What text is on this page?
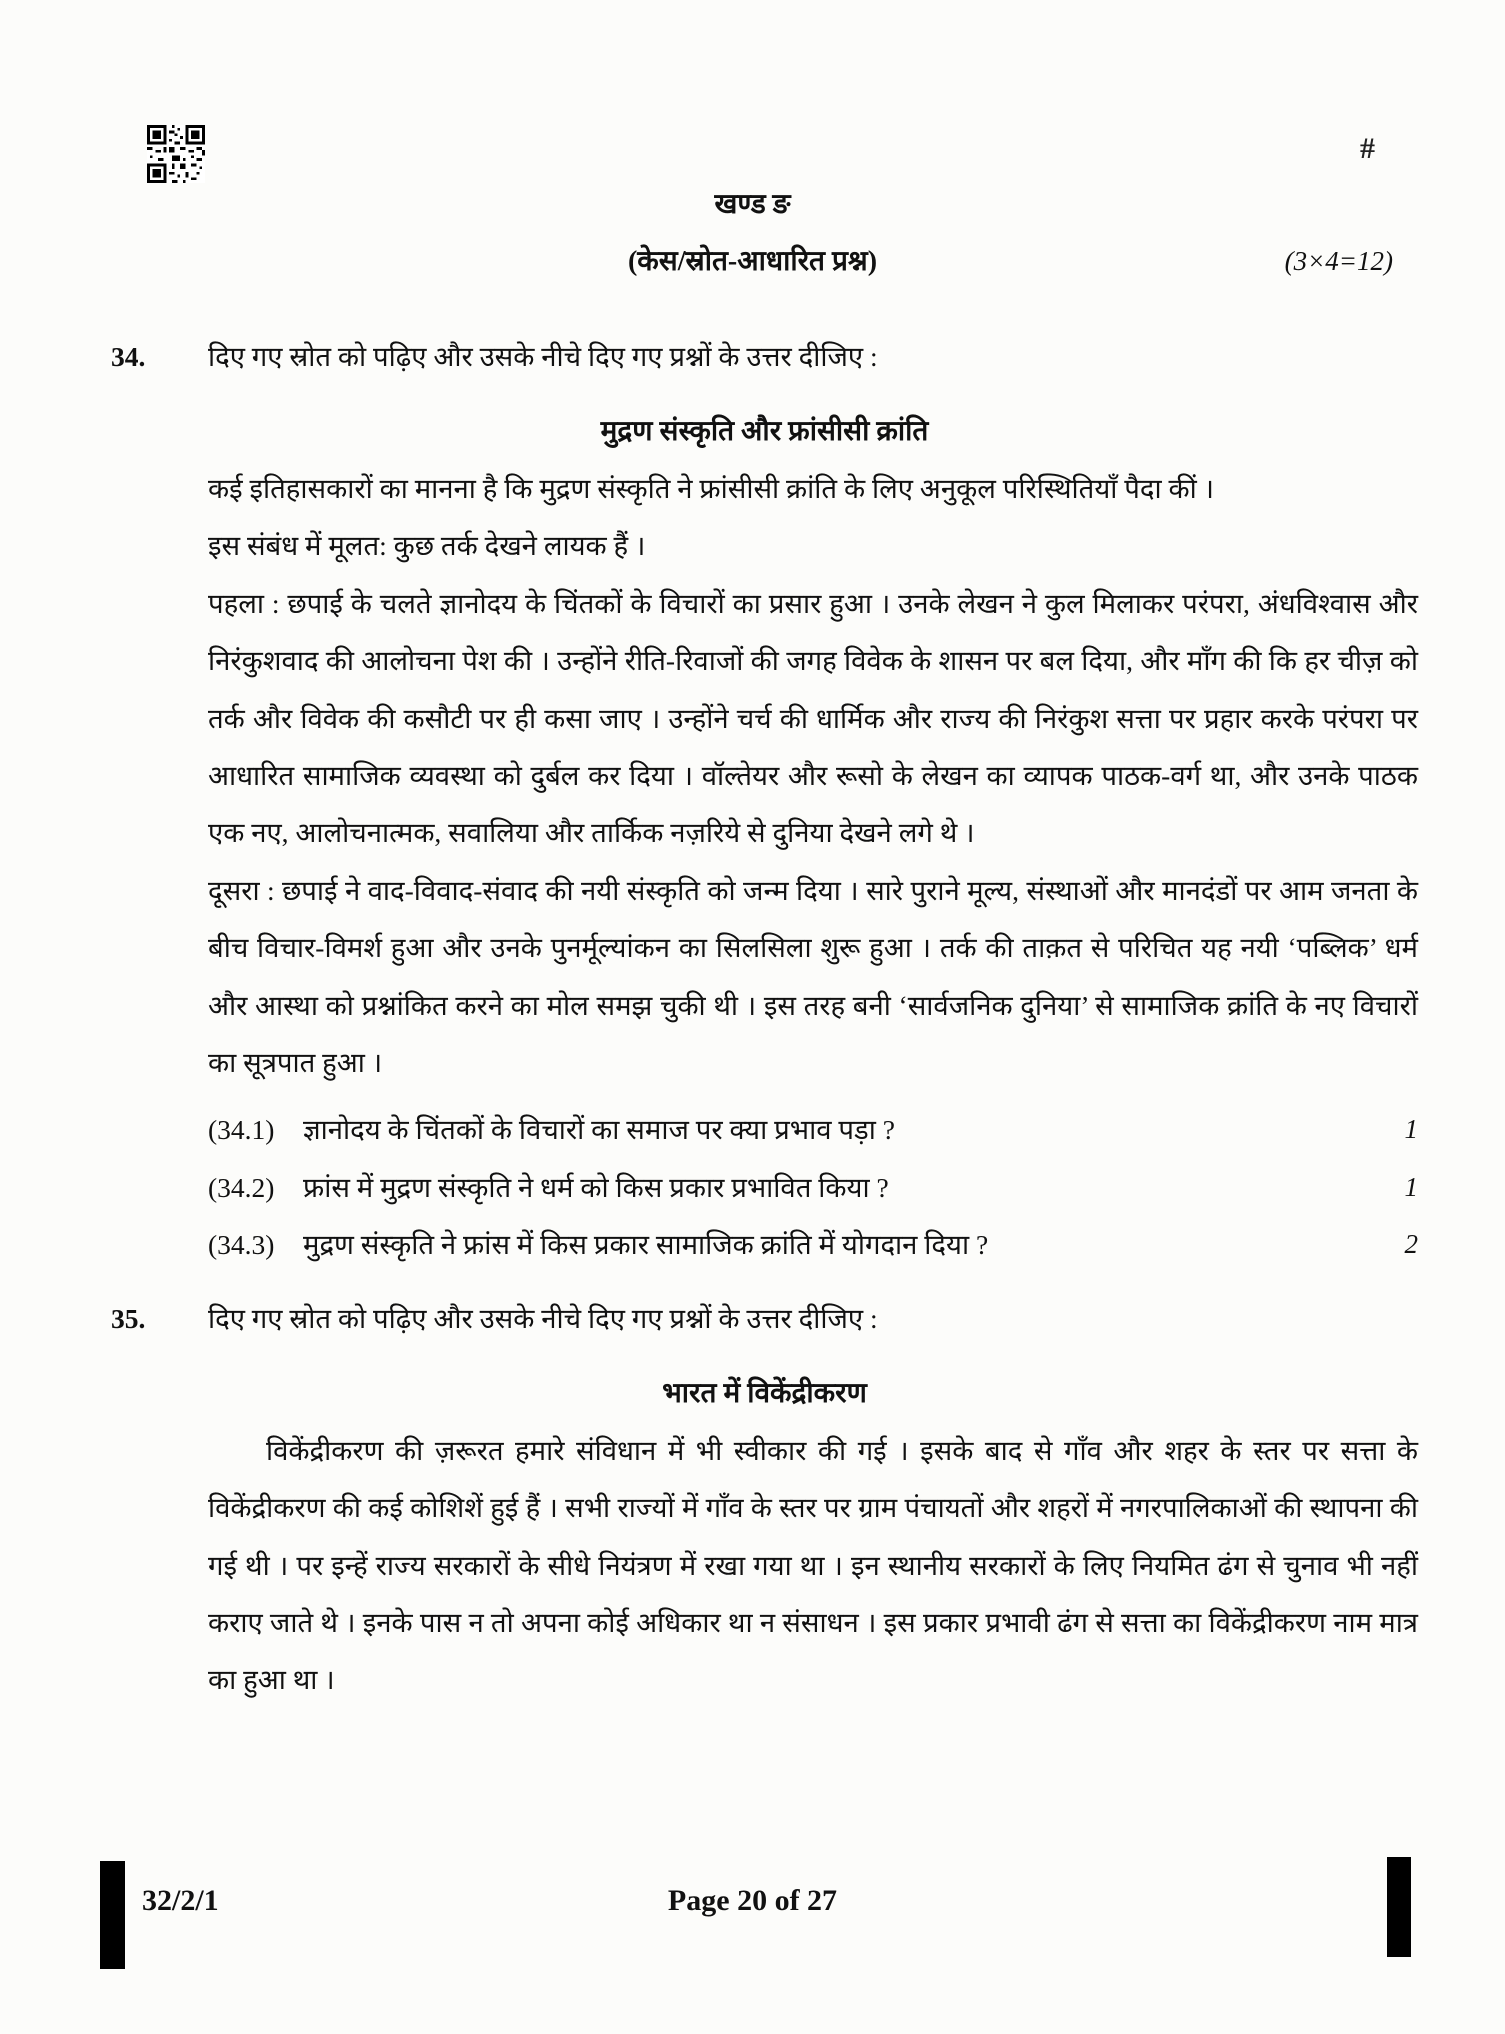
#
खण्ड ङ
(केस/स्रोत-आधारित प्रश्न)	(3×4=12)
34.	दिए गए स्रोत को पढ़िए और उसके नीचे दिए गए प्रश्नों के उत्तर दीजिए :
मुद्रण संस्कृति और फ्रांसीसी क्रांति

कई इतिहासकारों का मानना है कि मुद्रण संस्कृति ने फ्रांसीसी क्रांति के लिए अनुकूल परिस्थितियाँ पैदा कीं ।

इस संबंध में मूलत: कुछ तर्क देखने लायक हैं ।

पहला : छपाई के चलते ज्ञानोदय के चिंतकों के विचारों का प्रसार हुआ । उनके लेखन ने कुल मिलाकर परंपरा, अंधविश्वास और निरंकुशवाद की आलोचना पेश की । उन्होंने रीति-रिवाजों की जगह विवेक के शासन पर बल दिया, और माँग की कि हर चीज़ को तर्क और विवेक की कसौटी पर ही कसा जाए । उन्होंने चर्च की धार्मिक और राज्य की निरंकुश सत्ता पर प्रहार करके परंपरा पर आधारित सामाजिक व्यवस्था को दुर्बल कर दिया । वॉल्तेयर और रूसो के लेखन का व्यापक पाठक-वर्ग था, और उनके पाठक एक नए, आलोचनात्मक, सवालिया और तार्किक नज़रिये से दुनिया देखने लगे थे ।

दूसरा : छपाई ने वाद-विवाद-संवाद की नयी संस्कृति को जन्म दिया । सारे पुराने मूल्य, संस्थाओं और मानदंडों पर आम जनता के बीच विचार-विमर्श हुआ और उनके पुनर्मूल्यांकन का सिलसिला शुरू हुआ । तर्क की ताक़त से परिचित यह नयी ‘पब्लिक’ धर्म और आस्था को प्रश्नांकित करने का मोल समझ चुकी थी । इस तरह बनी ‘सार्वजनिक दुनिया’ से सामाजिक क्रांति के नए विचारों का सूत्रपात हुआ ।

(34.1)	ज्ञानोदय के चिंतकों के विचारों का समाज पर क्या प्रभाव पड़ा ?	1
(34.2)	फ्रांस में मुद्रण संस्कृति ने धर्म को किस प्रकार प्रभावित किया ?	1
(34.3)	मुद्रण संस्कृति ने फ्रांस में किस प्रकार सामाजिक क्रांति में योगदान दिया ?	2
35.	दिए गए स्रोत को पढ़िए और उसके नीचे दिए गए प्रश्नों के उत्तर दीजिए :
भारत में विकेंद्रीकरण

विकेंद्रीकरण की ज़रूरत हमारे संविधान में भी स्वीकार की गई । इसके बाद से गाँव और शहर के स्तर पर सत्ता के विकेंद्रीकरण की कई कोशिशें हुई हैं । सभी राज्यों में गाँव के स्तर पर ग्राम पंचायतों और शहरों में नगरपालिकाओं की स्थापना की गई थी । पर इन्हें राज्य सरकारों के सीधे नियंत्रण में रखा गया था । इन स्थानीय सरकारों के लिए नियमित ढंग से चुनाव भी नहीं कराए जाते थे । इनके पास न तो अपना कोई अधिकार था न संसाधन । इस प्रकार प्रभावी ढंग से सत्ता का विकेंद्रीकरण नाम मात्र का हुआ था ।

32/2/1	Page 20 of 27
